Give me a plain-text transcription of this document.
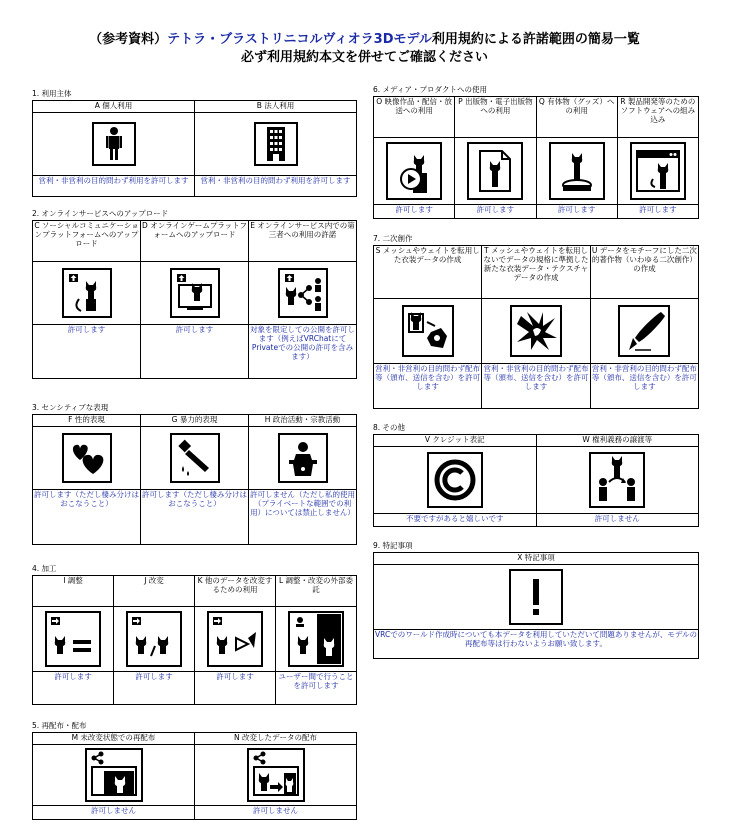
（参考資料）テトラ・ブラストリニコルヴィオラ3Dモデル利用規約による許諾範囲の簡易一覧
必ず利用規約本文を併せてご確認ください
1. 利用主体
A 個人利用	B 法人利用

営利・非営利の目的問わず利用を許可します	営利・非営利の目的問わず利用を許可します
2. オンラインサービスへのアップロード
C ソーシャルコミュニケーションプラットフォームへのアップロード	D オンラインゲームプラットフォームへのアップロード	E オンラインサービス内での第三者への利用の許諾

許可します	許可します	対象を限定しての公開を許可します（例えばVRChatにてPrivateでの公開の許可を含みます）
3. センシティブな表現
F 性的表現	G 暴力的表現	H 政治活動・宗教活動

許可します（ただし棲み分けはおこなうこと）	許可します（ただし棲み分けはおこなうこと）	許可しません（ただし私的使用（プライベートな範囲での利用）については禁止しません）
4. 加工
I 調整	J 改変	K 他のデータを改変するための利用	L 調整・改変の外部委託

許可します	許可します	許可します	ユーザー間で行うことを許可します
5. 再配布・配布
M 未改変状態での再配布	N 改変したデータの配布

許可しません	許可しません
6. メディア・プロダクトへの使用
O 映像作品・配信・放送への利用	P 出版物・電子出版物への利用	Q 有体物（グッズ）への利用	R 製品開発等のためのソフトウェアへの組み込み

許可します	許可します	許可します	許可します
7. 二次創作
S メッシュやウェイトを転用した衣装データの作成	T メッシュやウェイトを転用しないでデータの規格に準拠した新たな衣装データ・テクスチャデータの作成	U データをモチーフにした二次的著作物（いわゆる二次創作）の作成

営利・非営利の目的問わず配布等（頒布、送信を含む）を許可します	営利・非営利の目的問わず配布等（頒布、送信を含む）を許可します	営利・非営利の目的問わず配布等（頒布、送信を含む）を許可します
8. その他
V クレジット表記	W 権利義務の譲渡等

不要ですがあると嬉しいです	許可しません
9. 特記事項
X 特記事項

VRCでのワールド作成時についても本データを利用していただいて問題ありませんが、モデルの再配布等は行わないようお願い致します。
